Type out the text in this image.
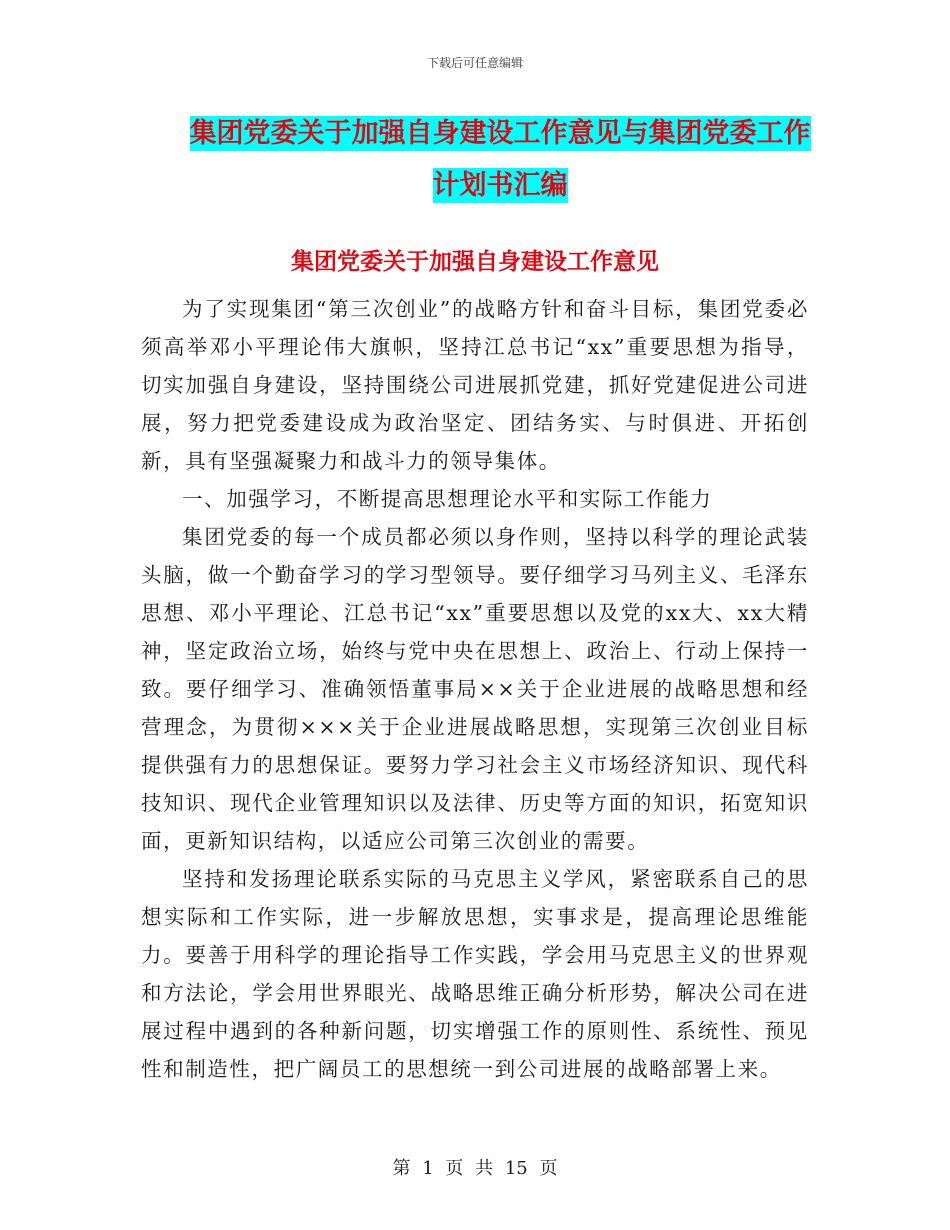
下载后可任意编辑
集团党委关于加强自身建设工作意见与集团党委工作
计划书汇编
集团党委关于加强自身建设工作意见

为了实现集团“第三次创业”的战略方针和奋斗目标，集团党委必须高举邓小平理论伟大旗帜，坚持江总书记“xx”重要思想为指导，切实加强自身建设，坚持围绕公司进展抓党建，抓好党建促进公司进展，努力把党委建设成为政治坚定、团结务实、与时俱进、开拓创新，具有坚强凝聚力和战斗力的领导集体。

一、加强学习，不断提高思想理论水平和实际工作能力

集团党委的每一个成员都必须以身作则，坚持以科学的理论武装头脑，做一个勤奋学习的学习型领导。要仔细学习马列主义、毛泽东思想、邓小平理论、江总书记“xx”重要思想以及党的xx大、xx大精神，坚定政治立场，始终与党中央在思想上、政治上、行动上保持一致。要仔细学习、准确领悟董事局××关于企业进展的战略思想和经营理念，为贯彻×××关于企业进展战略思想，实现第三次创业目标提供强有力的思想保证。要努力学习社会主义市场经济知识、现代科技知识、现代企业管理知识以及法律、历史等方面的知识，拓宽知识面，更新知识结构，以适应公司第三次创业的需要。

坚持和发扬理论联系实际的马克思主义学风，紧密联系自己的思想实际和工作实际，进一步解放思想，实事求是，提高理论思维能力。要善于用科学的理论指导工作实践，学会用马克思主义的世界观和方法论，学会用世界眼光、战略思维正确分析形势，解决公司在进展过程中遇到的各种新问题，切实增强工作的原则性、系统性、预见性和制造性，把广阔员工的思想统一到公司进展的战略部署上来。

第 1 页 共 15 页
